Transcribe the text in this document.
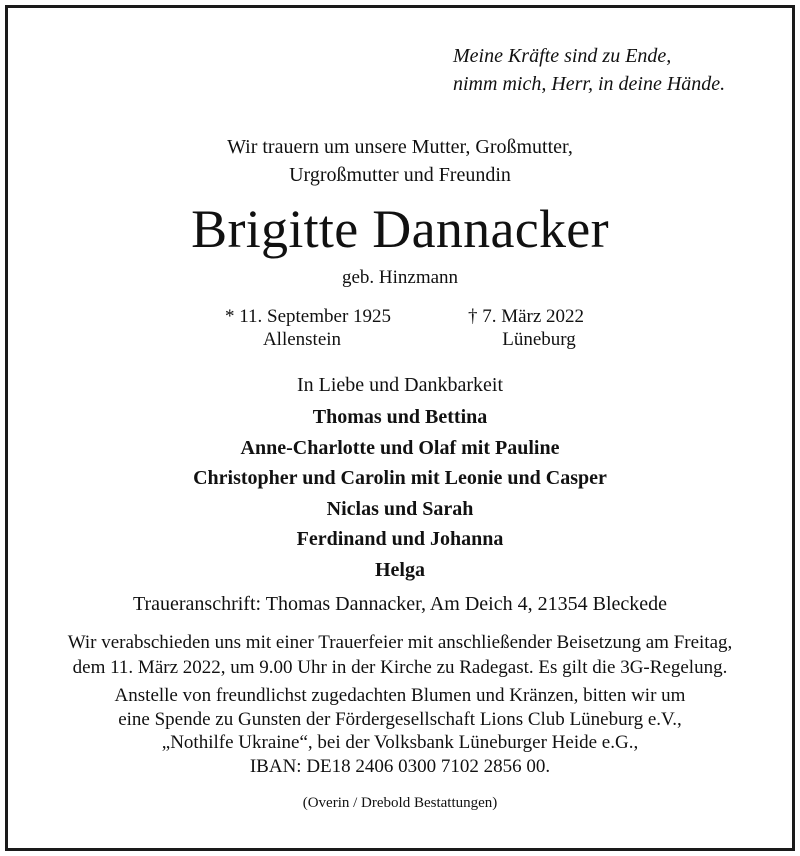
Meine Kräfte sind zu Ende,
nimm mich, Herr, in deine Hände.
Wir trauern um unsere Mutter, Großmutter,
Urgroßmutter und Freundin
Brigitte Dannacker
geb. Hinzmann
* 11. September 1925
Allenstein
† 7. März 2022
Lüneburg
In Liebe und Dankbarkeit
Thomas und Bettina
Anne-Charlotte und Olaf mit Pauline
Christopher und Carolin mit Leonie und Casper
Niclas und Sarah
Ferdinand und Johanna
Helga
Traueranschrift: Thomas Dannacker, Am Deich 4, 21354 Bleckede
Wir verabschieden uns mit einer Trauerfeier mit anschließender Beisetzung am Freitag,
dem 11. März 2022, um 9.00 Uhr in der Kirche zu Radegast. Es gilt die 3G-Regelung.
Anstelle von freundlichst zugedachten Blumen und Kränzen, bitten wir um
eine Spende zu Gunsten der Fördergesellschaft Lions Club Lüneburg e.V.,
„Nothilfe Ukraine“, bei der Volksbank Lüneburger Heide e.G.,
IBAN: DE18 2406 0300 7102 2856 00.
(Overin / Drebold Bestattungen)
